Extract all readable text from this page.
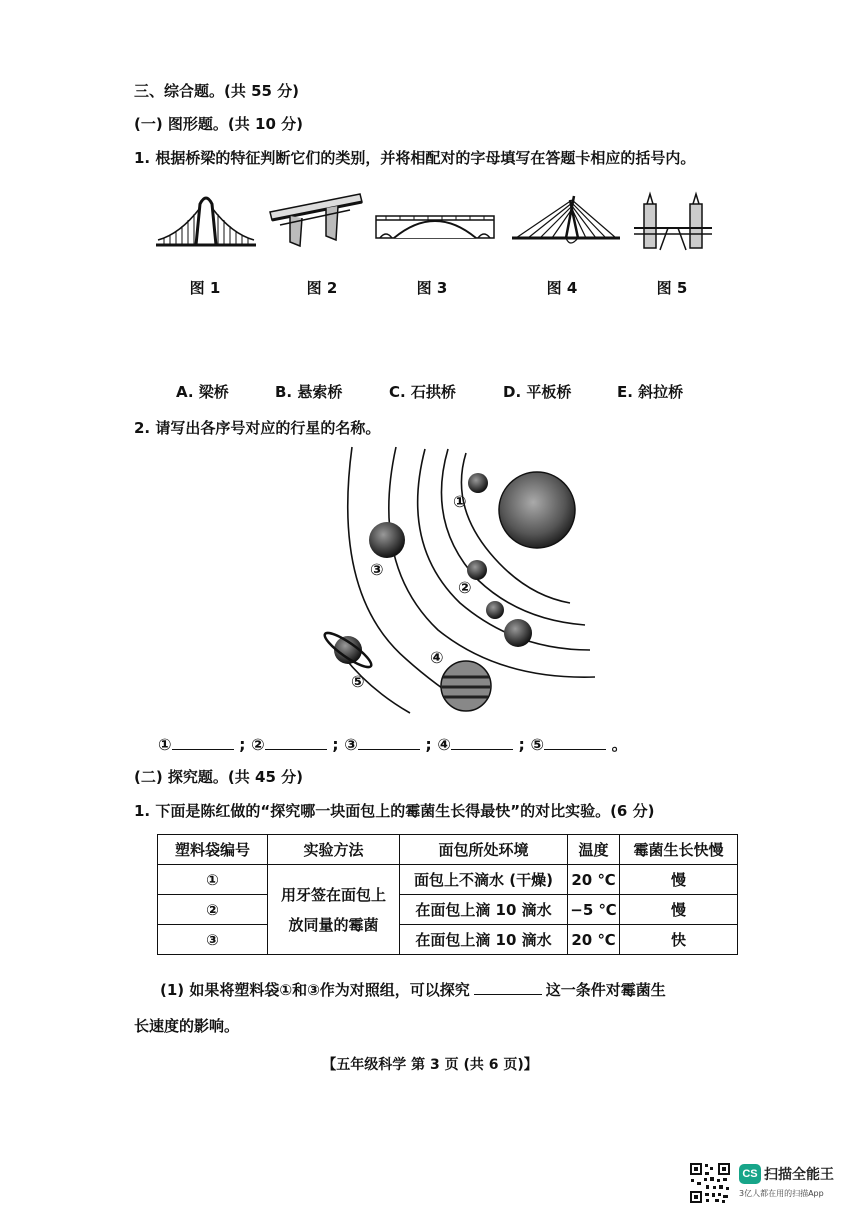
三、综合题。(共 55 分)
(一) 图形题。(共 10 分)
1. 根据桥梁的特征判断它们的类别，并将相配对的字母填写在答题卡相应的括号内。
图 1	图 2	图 3	图 4	图 5
A. 梁桥	B. 悬索桥	C. 石拱桥	D. 平板桥	E. 斜拉桥
2. 请写出各序号对应的行星的名称。
①
②
③
④
⑤
①	; ②	; ③	; ④	; ⑤	。
(二) 探究题。(共 45 分)
1. 下面是陈红做的“探究哪一块面包上的霉菌生长得最快”的对比实验。(6 分)
塑料袋编号	实验方法	面包所处环境	温度	霉菌生长快慢
①	用牙签在面包上
放同量的霉菌	面包上不滴水 (干燥)	20 ℃	慢
②		在面包上滴 10 滴水	−5 ℃	慢
③		在面包上滴 10 滴水	20 ℃	快
(1) 如果将塑料袋①和③作为对照组，可以探究	这一条件对霉菌生
长速度的影响。
【五年级科学 第 3 页 (共 6 页)】
CS 扫描全能王
3亿人都在用的扫描App
